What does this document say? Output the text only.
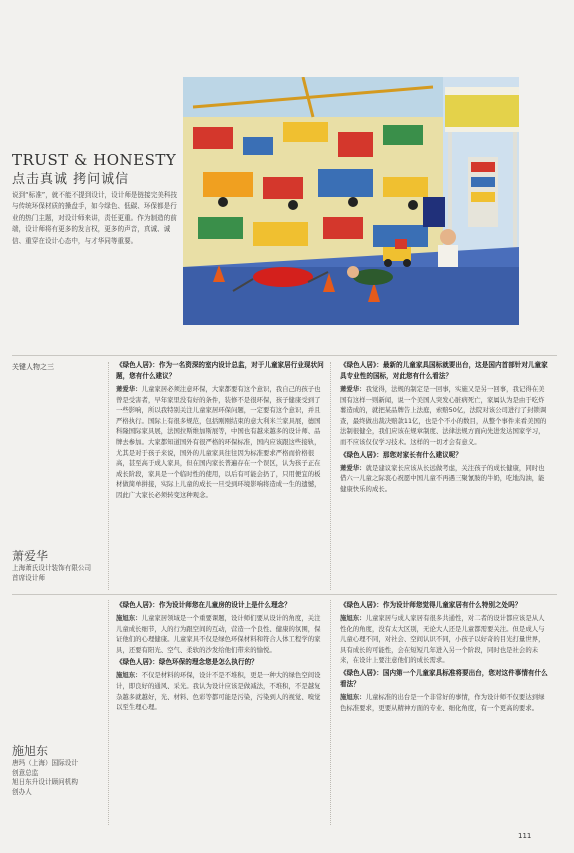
TRUST & HONESTY
点击真诚 拷问诚信

说到“标准”，就不能不提到设计，设计师是链接完美科技与传统环保材质的操盘手，如今绿色、低碳、环保都是行业的热门主题，对设计师来讲，责任更重。作为制造的前端，设计师将有更多的发言权，更多的声音，真诚、诚信、重穿在设计心态中，与才华同等重要。

关键人物之三
萧爱华
上海萧氏设计装饰有限公司
首席设计师
施旭东
唐玛（上海）国际设计
创意总监
旭日东升设计顾问机构
创办人

《绿色人居》：作为一名资深的室内设计总监，对于儿童家居行业现状问题，您有什么建议？

萧爱华：儿童家居必须注意环保，大家都要有这个意识，我自己的孩子也曾是受害者，早年家里没有好的条件，装修不是很环保，孩子健康受到了一些影响，所以我特别关注儿童家居环保问题，一定要有这个意识，并且严格执行。国际上有很多规范，包括刚刚结束的意大利米兰家具展，德国科隆国际家具展，法国拉斯维加斯展等，中国也有越来越多的设计师、品牌去参加。大家都知道国外有很严格的环保标准，国内应该跟这些接轨，尤其是对于孩子来说，国外的儿童家具往往因为标准要求严格而价格很高，甚至高于成人家具，但在国内家长普遍存在一个误区，认为孩子正在成长阶段，家具是一个临时性的使用，以后有可能会扔了，只用便宜的板材做简单拼接，实际上儿童的成长一旦受到环境影响将造成一生的遗憾，因此广大家长必须转变这种观念。

《绿色人居》：最新的儿童家具国标就要出台，这是国内首部针对儿童家具专业性的国标，对此您有什么看法？

萧爱华：我觉得，法规的制定是一回事，实施又是另一回事，我记得在美国有这样一则新闻，说一个美国人突发心脏病死亡，家属认为是由于吃炸薯造成的，就把某品牌告上法庭，索赔50亿，法院对该公司进行了封锁调查，最终做出裁决赔款11亿，也是个不小的数目，从整个事件来看美国的法制很健全，我们应该在规章制度、法律法规方面向先进发达国家学习，而不应该仅仅学习技术。这样的一切才会有意义。

《绿色人居》：那您对家长有什么建议呢？

萧爱华：就是建议家长应该从长远做考虑，关注孩子的成长健康，同时也借六一儿童之际衷心祝愿中国儿童不再遇三聚氰胺的牛奶，吃地沟油，能健康快乐的成长。

《绿色人居》：作为设计师您在儿童房的设计上是什么理念？

施旭东：儿童家居领域是一个重要课题，设计师们要从设计的角度，关注儿童成长细节，人的行为跟空间的互动，营造一个良性、健康的氛围，保证他们的心理健康。儿童家具不仅是绿色环保材料和符合人体工程学的家具，还要有阳光、空气、柔软的沙发给他们带来的愉悦。

《绿色人居》：绿色环保的理念您是怎么执行的？

施旭东：不仅是材料的环保，设计不是不堆积，更是一种大的绿色空间设计，即良好的通风、采光。我认为设计应该是做减法，不堆积，不是越复杂越多就越好，光、材料、色彩等都可能是污染，污染到人的视觉、嗅觉以至生理心理。

《绿色人居》：作为设计师您觉得儿童家居有什么特别之处吗？

施旭东：儿童家居与成人家居有很多共通性，对二者的设计都应该是从人性化的角度，没有太大区别，无论大人还是儿童都需要关注。但是成人与儿童心理不同，对社会、空间认识不同，小孩子以好奇的目光打量世界，具有成长的可能性，会在短短几年进入另一个阶段，同时也是社会的未来，在设计上要注意他们的成长需求。

《绿色人居》：国内第一个儿童家具标准将要出台，您对这件事情有什么看法？

施旭东：儿童标准的出台是一个非常好的事情，作为设计师不仅要达到绿色标准要求，更要从精神方面的专业、细化角度，有一个更高的要求。

111
